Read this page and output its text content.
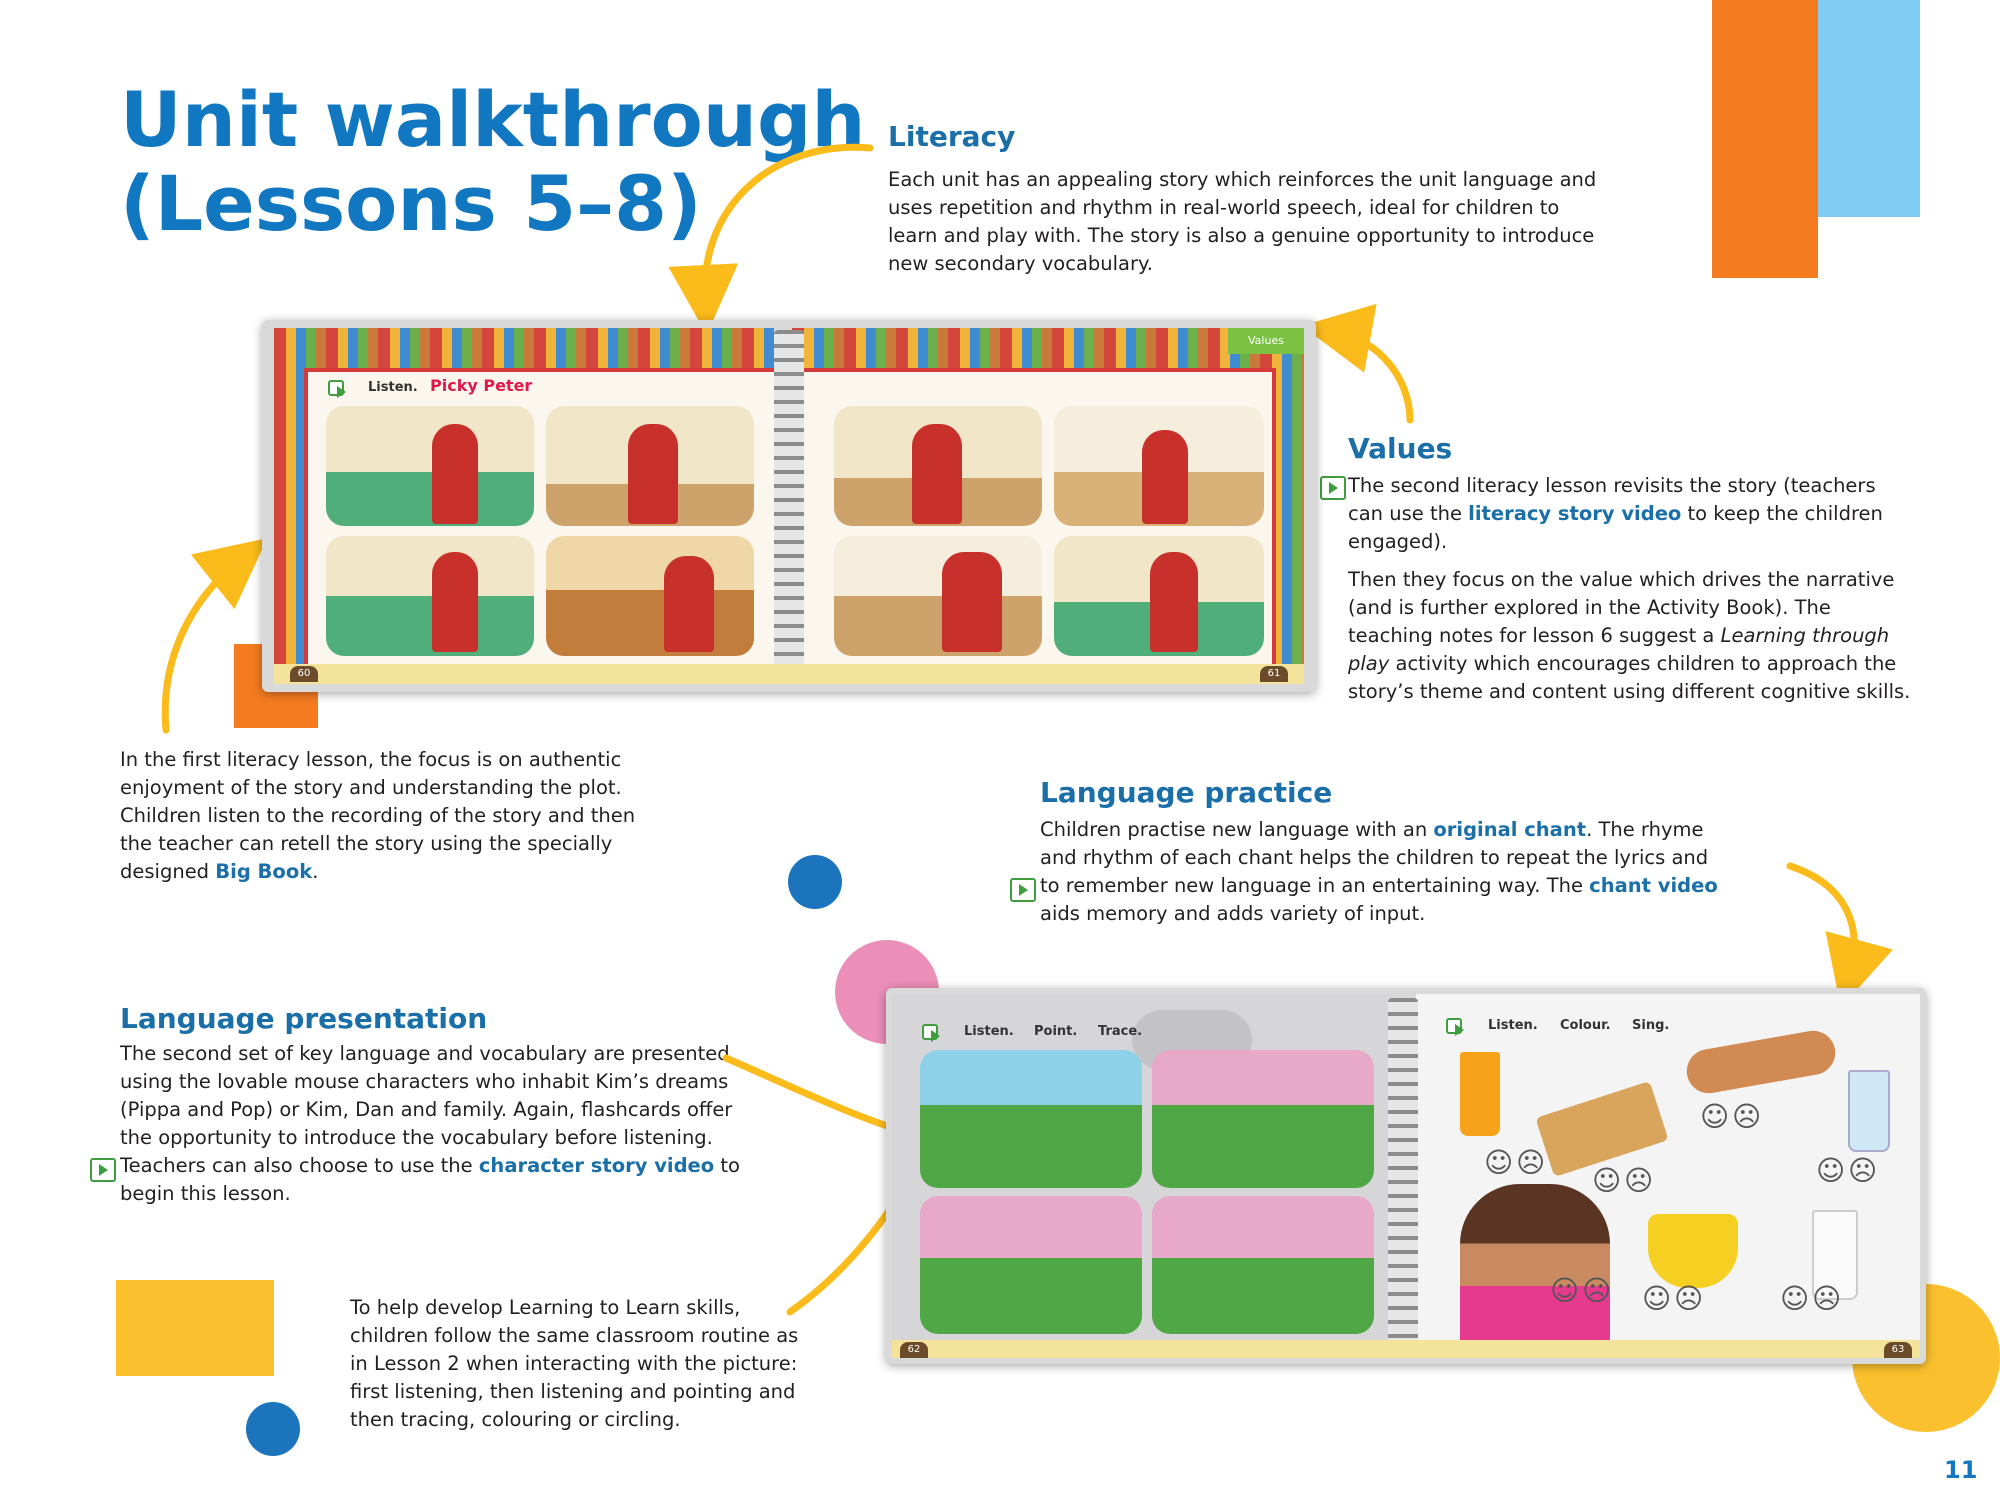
Unit walkthrough
(Lessons 5–8)
Literacy
Each unit has an appealing story which reinforces the unit language and uses repetition and rhythm in real-world speech, ideal for children to learn and play with. The story is also a genuine opportunity to introduce new secondary vocabulary.
Values

The second literacy lesson revisits the story (teachers can use the literacy story video to keep the children engaged).

Then they focus on the value which drives the narrative (and is further explored in the Activity Book). The teaching notes for lesson 6 suggest a Learning through play activity which encourages children to approach the story’s theme and content using different cognitive skills.

In the first literacy lesson, the focus is on authentic enjoyment of the story and understanding the plot. Children listen to the recording of the story and then the teacher can retell the story using the specially designed Big Book.
Language practice
Children practise new language with an original chant. The rhyme and rhythm of each chant helps the children to repeat the lyrics and to remember new language in an entertaining way. The chant video aids memory and adds variety of input.
Language presentation
The second set of key language and vocabulary are presented using the lovable mouse characters who inhabit Kim’s dreams (Pippa and Pop) or Kim, Dan and family. Again, flashcards offer the opportunity to introduce the vocabulary before listening. Teachers can also choose to use the character story video to begin this lesson.
To help develop Learning to Learn skills, children follow the same classroom routine as in Lesson 2 when interacting with the picture: first listening, then listening and pointing and then tracing, colouring or circling.
11
Values
Listen. Picky Peter
60	61
Listen. Point. Trace.	Listen. Colour. Sing.
☺ ☹
☺ ☹
☺ ☹	☺ ☹
☺ ☹ ☺ ☹	☺ ☹
62	63
